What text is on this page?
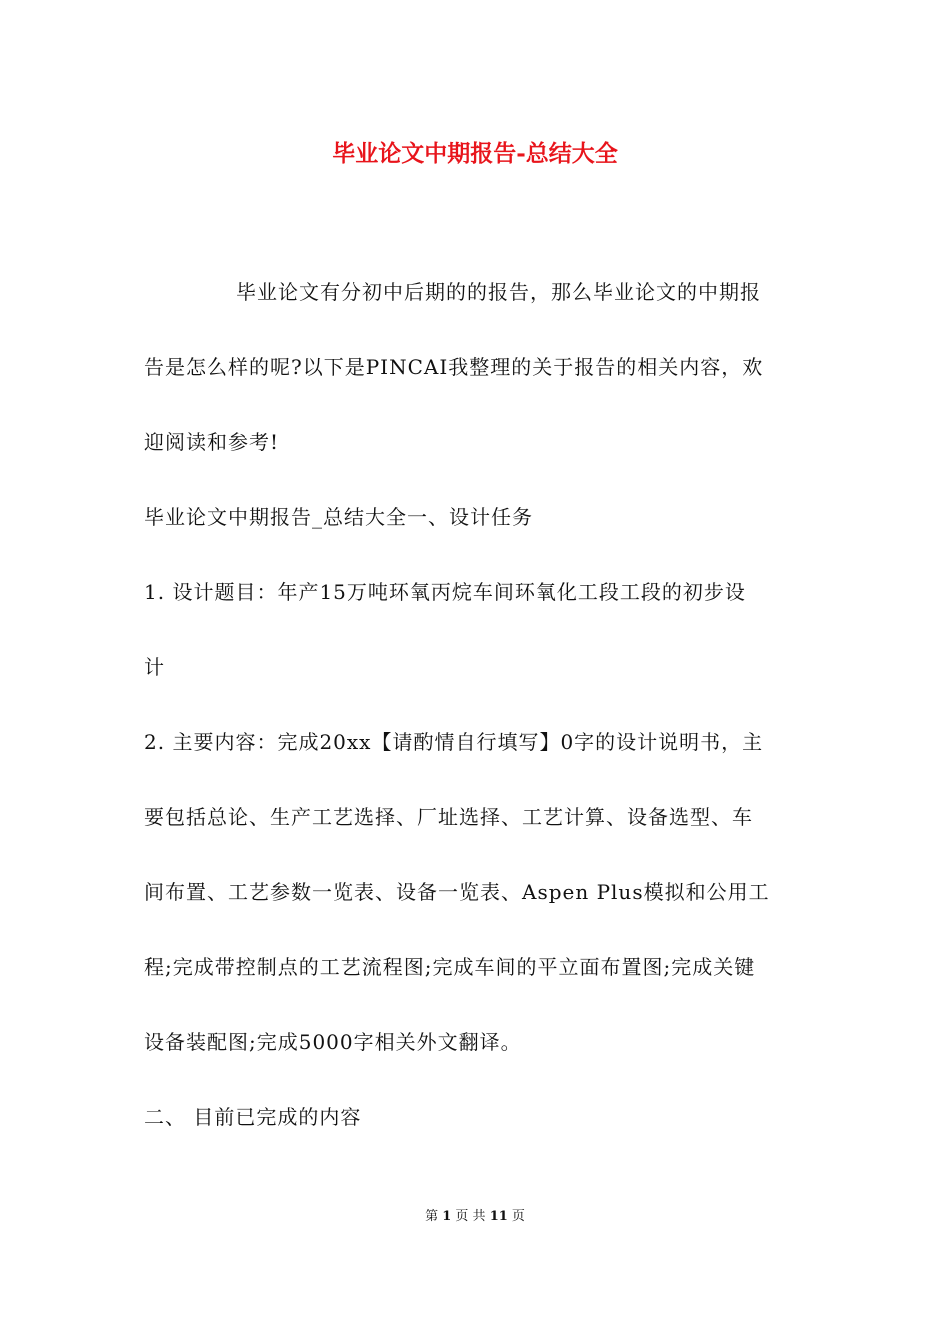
毕业论文中期报告-总结大全

毕业论文有分初中后期的的报告，那么毕业论文的中期报

告是怎么样的呢?以下是PINCAI我整理的关于报告的相关内容，欢

迎阅读和参考!

毕业论文中期报告_总结大全一、设计任务

1. 设计题目：年产15万吨环氧丙烷车间环氧化工段工段的初步设

计

2. 主要内容：完成20xx【请酌情自行填写】0字的设计说明书，主

要包括总论、生产工艺选择、厂址选择、工艺计算、设备选型、车

间布置、工艺参数一览表、设备一览表、Aspen Plus模拟和公用工

程;完成带控制点的工艺流程图;完成车间的平立面布置图;完成关键

设备装配图;完成5000字相关外文翻译。

二、 目前已完成的内容

第 1 页 共 11 页
